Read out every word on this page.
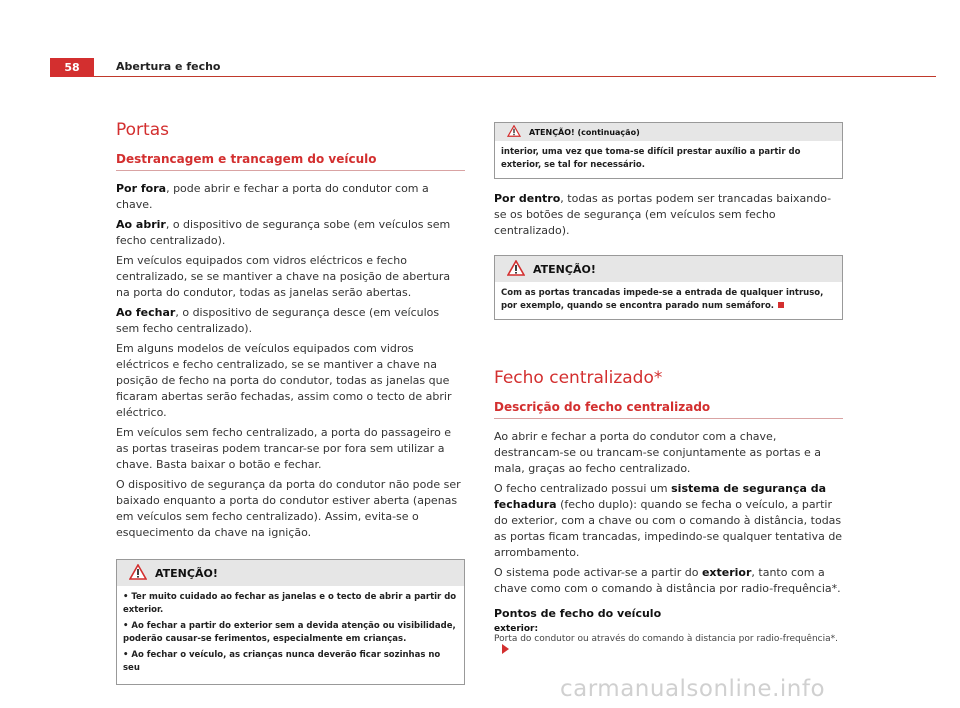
58	Abertura e fecho
Portas
Destrancagem e trancagem do veículo

Por fora, pode abrir e fechar a porta do condutor com a chave.

Ao abrir, o dispositivo de segurança sobe (em veículos sem fecho centralizado).

Em veículos equipados com vidros eléctricos e fecho centralizado, se se mantiver a chave na posição de abertura na porta do condutor, todas as janelas serão abertas.

Ao fechar, o dispositivo de segurança desce (em veículos sem fecho centralizado).

Em alguns modelos de veículos equipados com vidros eléctricos e fecho centralizado, se se mantiver a chave na posição de fecho na porta do condutor, todas as janelas que ficaram abertas serão fechadas, assim como o tecto de abrir eléctrico.

Em veículos sem fecho centralizado, a porta do passageiro e as portas traseiras podem trancar-se por fora sem utilizar a chave. Basta baixar o botão e fechar.

O dispositivo de segurança da porta do condutor não pode ser baixado enquanto a porta do condutor estiver aberta (apenas em veículos sem fecho centralizado). Assim, evita-se o esquecimento da chave na ignição.

ATENÇÃO!
• Ter muito cuidado ao fechar as janelas e o tecto de abrir a partir do exterior.
• Ao fechar a partir do exterior sem a devida atenção ou visibilidade, poderão causar-se ferimentos, especialmente em crianças.
• Ao fechar o veículo, as crianças nunca deverão ficar sozinhas no seu
ATENÇÃO! (continuação)
interior, uma vez que toma-se difícil prestar auxílio a partir do exterior, se tal for necessário.

Por dentro, todas as portas podem ser trancadas baixando-se os botões de segurança (em veículos sem fecho centralizado).

ATENÇÃO!
Com as portas trancadas impede-se a entrada de qualquer intruso, por exemplo, quando se encontra parado num semáforo.
Fecho centralizado*
Descrição do fecho centralizado

Ao abrir e fechar a porta do condutor com a chave, destrancam-se ou trancam-se conjuntamente as portas e a mala, graças ao fecho centralizado.

O fecho centralizado possui um sistema de segurança da fechadura (fecho duplo): quando se fecha o veículo, a partir do exterior, com a chave ou com o comando à distância, todas as portas ficam trancadas, impedindo-se qualquer tentativa de arrombamento.

O sistema pode activar-se a partir do exterior, tanto com a chave como com o comando à distância por radio-frequência*.

Pontos de fecho do veículo
exterior:
Porta do condutor ou através do comando à distancia por radio-frequência*.
carmanualsonline.info
